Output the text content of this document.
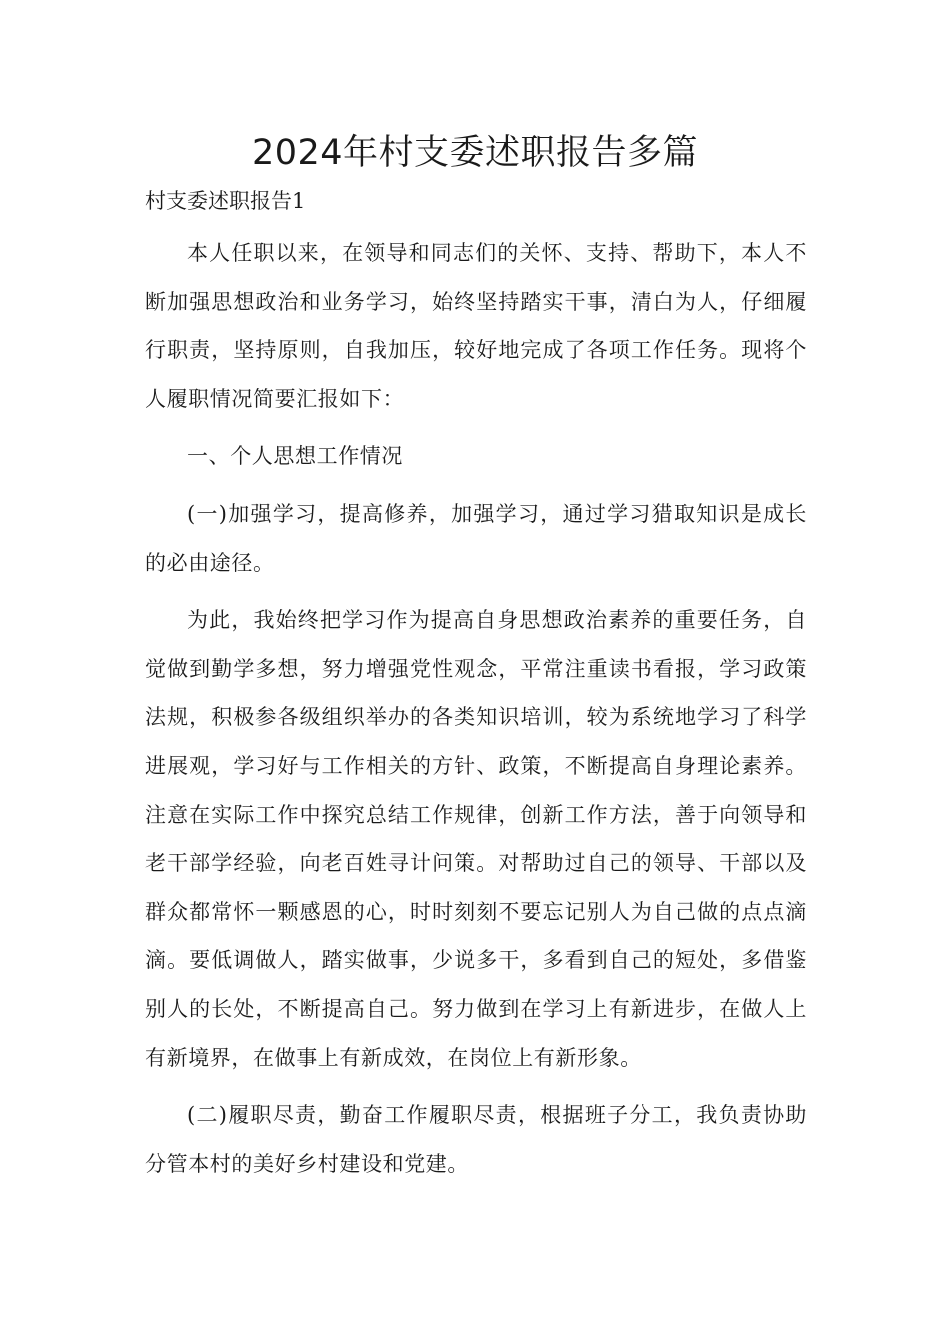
2024年村支委述职报告多篇

村支委述职报告1

本人任职以来，在领导和同志们的关怀、支持、帮助下，本人不断加强思想政治和业务学习，始终坚持踏实干事，清白为人，仔细履行职责，坚持原则，自我加压，较好地完成了各项工作任务。现将个人履职情况简要汇报如下：

一、个人思想工作情况

(一)加强学习，提高修养，加强学习，通过学习猎取知识是成长的必由途径。

为此，我始终把学习作为提高自身思想政治素养的重要任务，自觉做到勤学多想，努力增强党性观念，平常注重读书看报，学习政策法规，积极参各级组织举办的各类知识培训，较为系统地学习了科学进展观，学习好与工作相关的方针、政策，不断提高自身理论素养。注意在实际工作中探究总结工作规律，创新工作方法，善于向领导和老干部学经验，向老百姓寻计问策。对帮助过自己的领导、干部以及群众都常怀一颗感恩的心，时时刻刻不要忘记别人为自己做的点点滴滴。要低调做人，踏实做事，少说多干，多看到自己的短处，多借鉴别人的长处，不断提高自己。努力做到在学习上有新进步，在做人上有新境界，在做事上有新成效，在岗位上有新形象。

(二)履职尽责，勤奋工作履职尽责，根据班子分工，我负责协助分管本村的美好乡村建设和党建。
